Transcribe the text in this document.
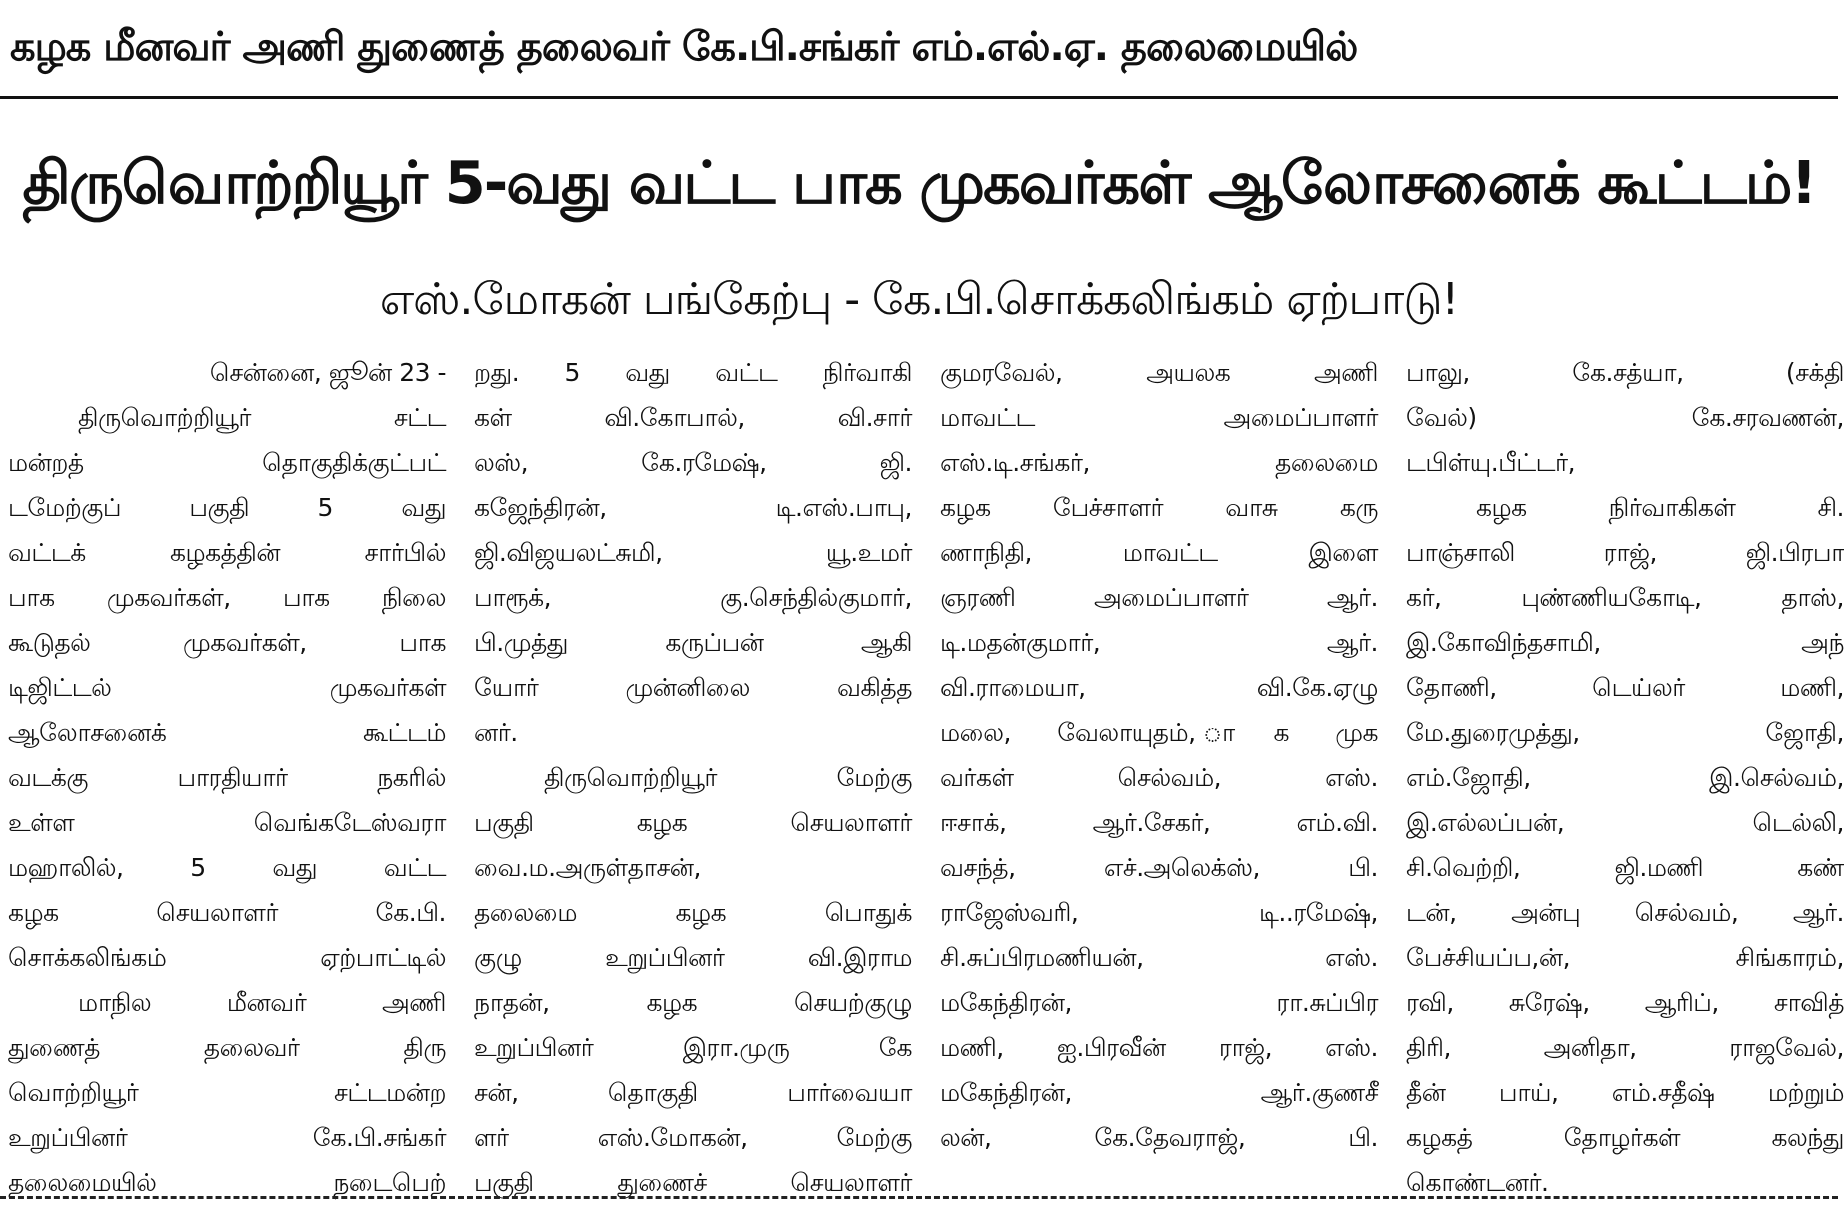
கழக மீனவர் அணி துணைத் தலைவர் கே.பி.சங்கர் எம்.எல்.ஏ. தலைமையில்
திருவொற்றியூர் 5-வது வட்ட பாக முகவர்கள் ஆலோசனைக் கூட்டம்!
எஸ்.மோகன் பங்கேற்பு - கே.பி.சொக்கலிங்கம் ஏற்பாடு!
சென்னை, ஜூன் 23 -
திருவொற்றியூர் சட்ட
மன்றத் தொகுதிக்குட்பட்
டமேற்குப் பகுதி 5 வது
வட்டக் கழகத்தின் சார்பில்
பாக முகவர்கள், பாக நிலை
கூடுதல் முகவர்கள், பாக
டிஜிட்டல் முகவர்கள்
ஆலோசனைக் கூட்டம்
வடக்கு பாரதியார் நகரில்
உள்ள வெங்கடேஸ்வரா
மஹாலில், 5 வது வட்ட
கழக செயலாளர் கே.பி.
சொக்கலிங்கம் ஏற்பாட்டில்
மாநில மீனவர் அணி
துணைத் தலைவர் திரு
வொற்றியூர் சட்டமன்ற
உறுப்பினர் கே.பி.சங்கர்
தலைமையில் நடைபெற்
றது. 5 வது வட்ட நிர்வாகி
கள் வி.கோபால், வி.சார்
லஸ், கே.ரமேஷ், ஜி.
கஜேந்திரன், டி.எஸ்.பாபு,
ஜி.விஜயலட்சுமி, யூ.உமர்
பாரூக், கு.செந்தில்குமார்,
பி.முத்து கருப்பன் ஆகி
யோர் முன்னிலை வகித்த
னர்.
திருவொற்றியூர் மேற்கு
பகுதி கழக செயலாளர்
வை.ம.அருள்தாசன்,
தலைமை கழக பொதுக்
குழு உறுப்பினர் வி.இராம
நாதன், கழக செயற்குழு
உறுப்பினர் இரா.முரு கே
சன், தொகுதி பார்வையா
ளர் எஸ்.மோகன், மேற்கு
பகுதி துணைச் செயலாளர்
குமரவேல், அயலக அணி
மாவட்ட அமைப்பாளர்
எஸ்.டி.சங்கர், தலைமை
கழக பேச்சாளர் வாசு கரு
ணாநிதி, மாவட்ட இளை
ஞரணி அமைப்பாளர் ஆர்.
டி.மதன்குமார், ஆர்.
வி.ராமையா, வி.கே.ஏழு
மலை, வேலாயுதம், ாக முக
வர்கள் செல்வம், எஸ்.
ஈசாக், ஆர்.சேகர், எம்.வி.
வசந்த், எச்.அலெக்ஸ், பி.
ராஜேஸ்வரி, டி..ரமேஷ்,
சி.சுப்பிரமணியன், எஸ்.
மகேந்திரன், ரா.சுப்பிர
மணி, ஐ.பிரவீன் ராஜ், எஸ்.
மகேந்திரன், ஆர்.குணசீ
லன், கே.தேவராஜ், பி.
பாலு, கே.சத்யா, (சக்தி
வேல்) கே.சரவணன்,
டபிள்யு.பீட்டர்,
கழக நிர்வாகிகள் சி.
பாஞ்சாலி ராஜ், ஜி.பிரபா
கர், புண்ணியகோடி, தாஸ்,
இ.கோவிந்தசாமி, அந்
தோணி, டெய்லர் மணி,
மே.துரைமுத்து, ஜோதி,
எம்.ஜோதி, இ.செல்வம்,
இ.எல்லப்பன், டெல்லி,
சி.வெற்றி, ஜி.மணி கண்
டன், அன்பு செல்வம், ஆர்.
பேச்சியப்ப,ன், சிங்காரம்,
ரவி, சுரேஷ், ஆரிப், சாவித்
திரி, அனிதா, ராஜவேல்,
தீன் பாய், எம்.சதீஷ் மற்றும்
கழகத் தோழர்கள் கலந்து
கொண்டனர்.
